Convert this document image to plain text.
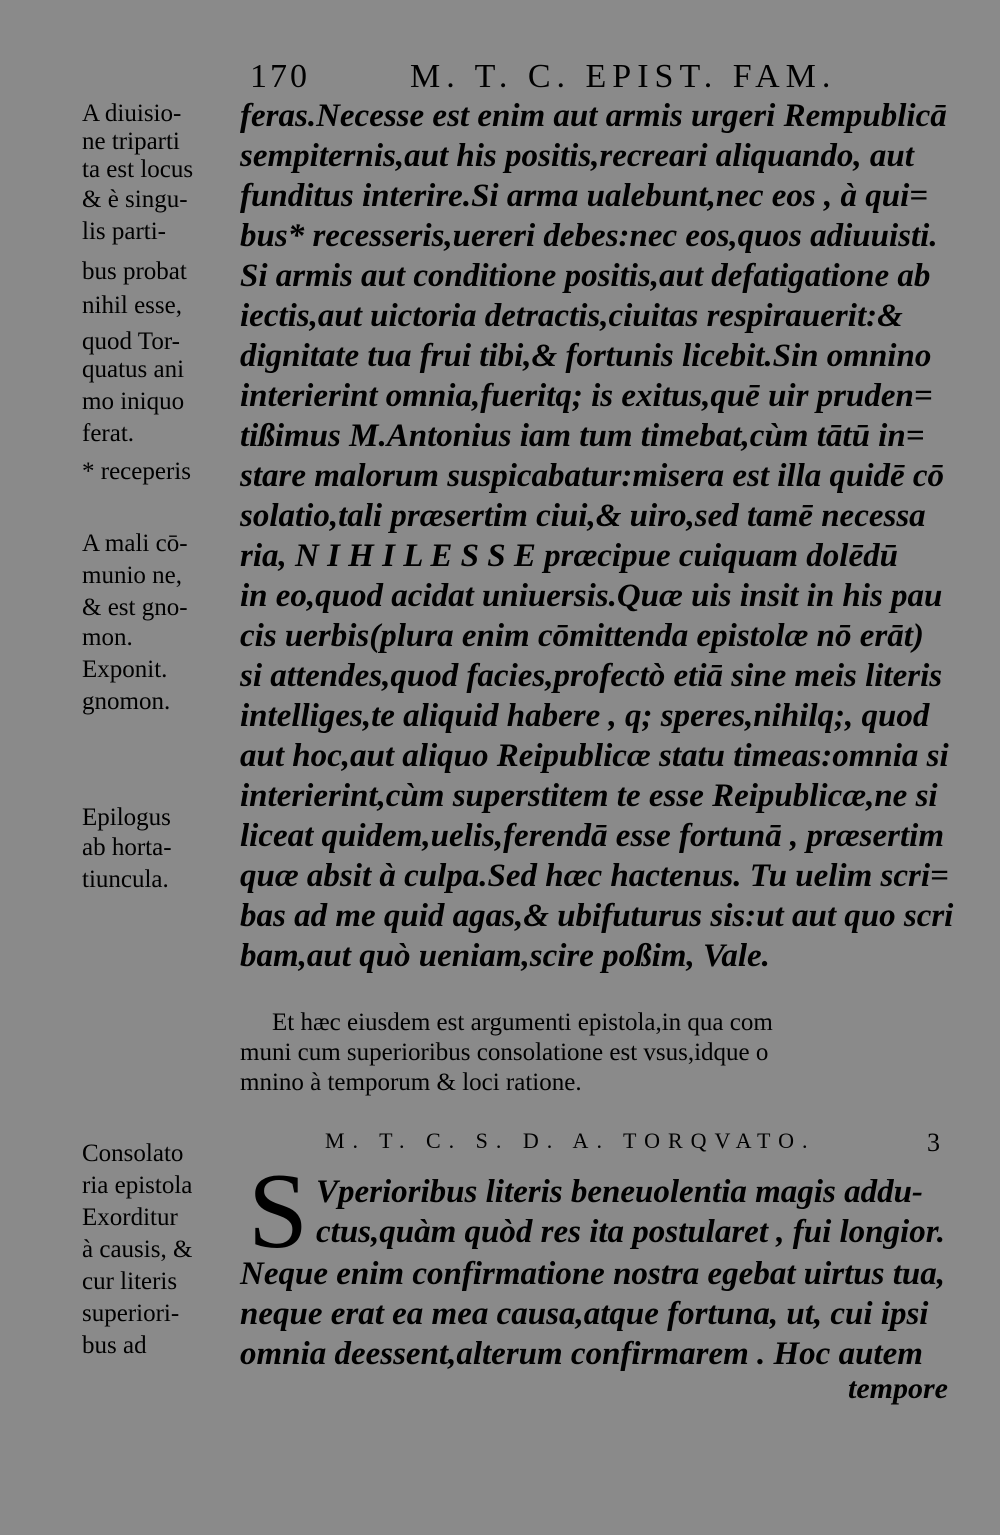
170	M. T. C. EPIST. FAM.
feras.Necesse est enim aut armis urgeri Rempublicā
sempiternis,aut his positis,recreari aliquando, aut
funditus interire.Si arma ualebunt,nec eos , à qui=
bus* recesseris,uereri debes:nec eos,quos adiuuisti.
Si armis aut conditione positis,aut defatigatione ab
iectis,aut uictoria detractis,ciuitas respirauerit:&
dignitate tua frui tibi,& fortunis licebit.Sin omnino
interierint omnia,fueritq; is exitus,quē uir pruden=
tißimus M.Antonius iam tum timebat,cùm tātū in=
stare malorum suspicabatur:misera est illa quidē cō
solatio,tali præsertim ciui,& uiro,sed tamē necessa
ria, N I H I L E S S E præcipue cuiquam dolēdū
in eo,quod acidat uniuersis.Quæ uis insit in his pau
cis uerbis(plura enim cōmittenda epistolæ nō erāt)
si attendes,quod facies,profectò etiā sine meis literis
intelliges,te aliquid habere , q; speres,nihilq;, quod
aut hoc,aut aliquo Reipublicæ statu timeas:omnia si
interierint,cùm superstitem te esse Reipublicæ,ne si
liceat quidem,uelis,ferendā esse fortunā , præsertim
quæ absit à culpa.Sed hæc hactenus. Tu uelim scri=
bas ad me quid agas,& ubifuturus sis:ut aut quo scri
bam,aut quò ueniam,scire poßim, Vale.
A diuisio-
ne triparti
ta est locus
& è singu-
lis parti-
bus probat
nihil esse,
quod Tor-
quatus ani
mo iniquo
ferat.
* receperis
A mali cō-
munio ne,
& est gno-
mon.
Exponit.
gnomon.
Epilogus
ab horta-
tiuncula.
Consolato
ria epistola
Exorditur
à causis, &
cur literis
superiori-
bus ad
Et hæc eiusdem est argumenti epistola,in qua com
muni cum superioribus consolatione est vsus,idque o
mnino à temporum & loci ratione.
M. T. C. S. D. A. TORQVATO.	3
S Vperioribus literis beneuolentia magis addu-
ctus,quàm quòd res ita postularet , fui longior.
Neque enim confirmatione nostra egebat uirtus tua,
neque erat ea mea causa,atque fortuna, ut, cui ipsi
omnia deessent,alterum confirmarem . Hoc autem
tempore
